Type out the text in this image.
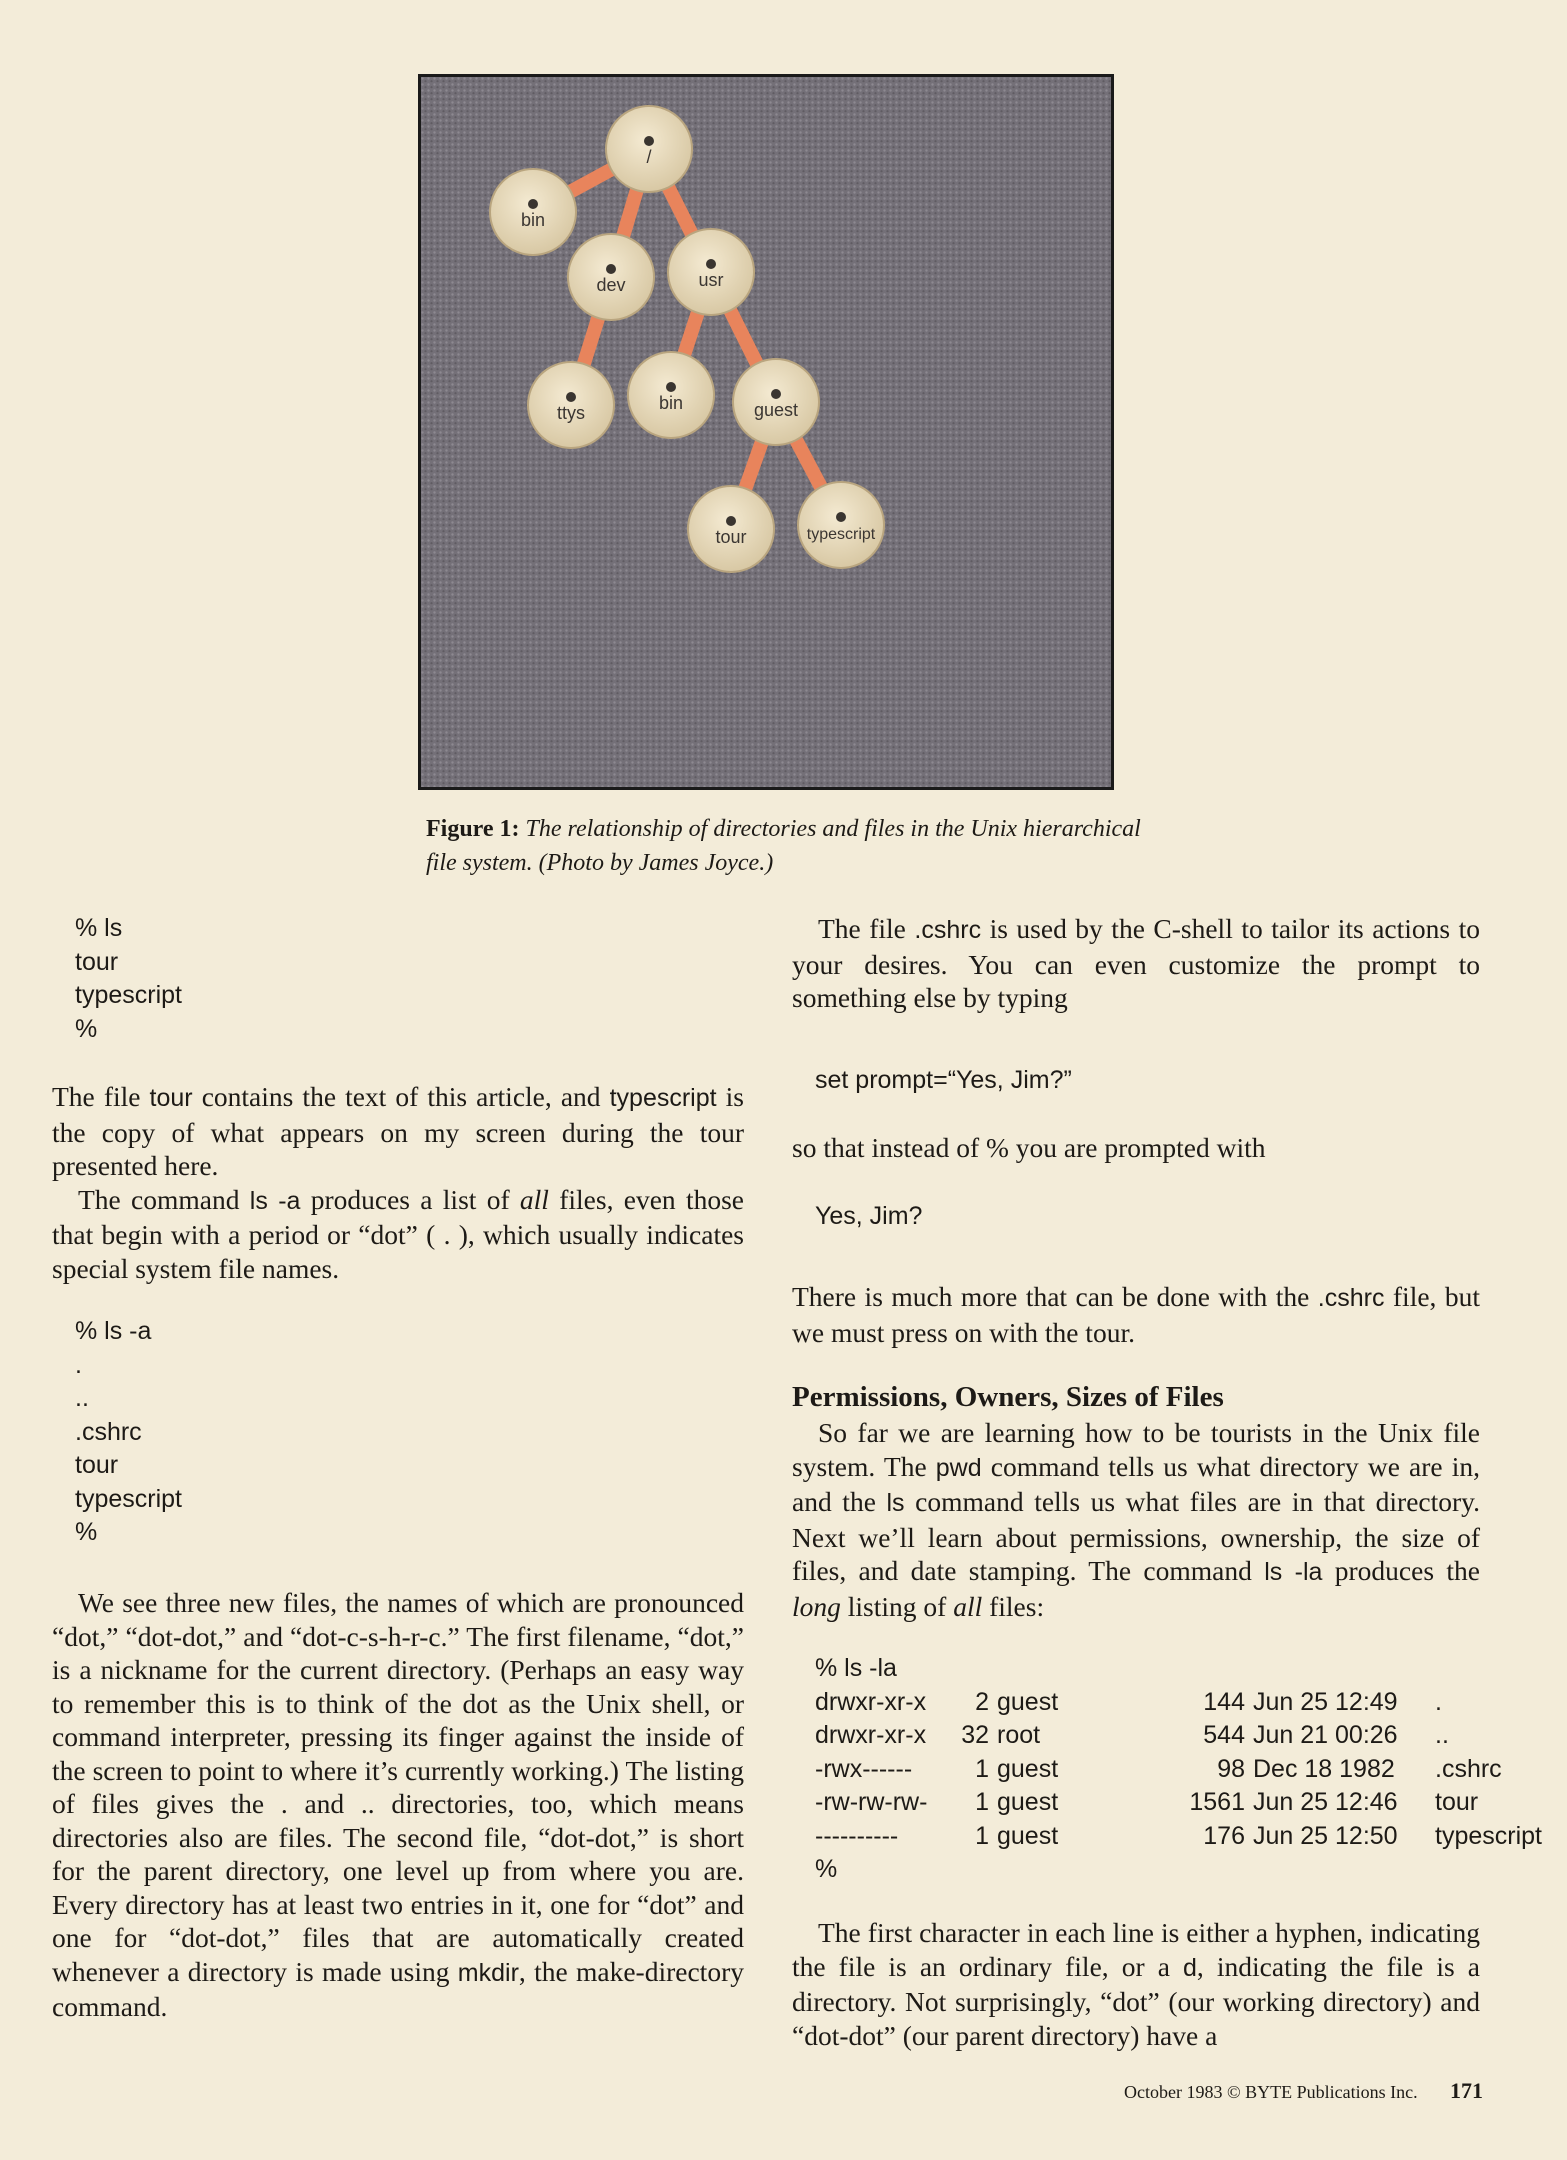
/
bin
dev	usr
ttys	bin	guest
tour	typescript
Figure 1: The relationship of directories and files in the Unix hierarchical file system. (Photo by James Joyce.)
% ls
tour
typescript
%

The file tour contains the text of this article, and typescript is the copy of what appears on my screen during the tour presented here.

The command ls -a produces a list of all files, even those that begin with a period or “dot” ( . ), which usually indicates special system file names.

% ls -a
.
..
.cshrc
tour
typescript
%

We see three new files, the names of which are pronounced “dot,” “dot-dot,” and “dot-c-s-h-r-c.” The first filename, “dot,” is a nickname for the current directory. (Perhaps an easy way to remember this is to think of the dot as the Unix shell, or command interpreter, pressing its finger against the inside of the screen to point to where it’s currently working.) The listing of files gives the . and .. directories, too, which means directories also are files. The second file, “dot-dot,” is short for the parent directory, one level up from where you are. Every directory has at least two entries in it, one for “dot” and one for “dot-dot,” files that are automatically created whenever a directory is made using mkdir, the make-directory command.

The file .cshrc is used by the C-shell to tailor its actions to your desires. You can even customize the prompt to something else by typing

set prompt=“Yes, Jim?”

so that instead of % you are prompted with

Yes, Jim?

There is much more that can be done with the .cshrc file, but we must press on with the tour.

Permissions, Owners, Sizes of Files

So far we are learning how to be tourists in the Unix file system. The pwd command tells us what directory we are in, and the ls command tells us what files are in that directory. Next we’ll learn about permissions, ownership, the size of files, and date stamping. The command ls -la produces the long listing of all files:

% ls -la
drwxr-xr-x	2	guest	144	Jun 25 12:49	.
drwxr-xr-x	32	root	544	Jun 21 00:26	..
-rwx------	1	guest	98	Dec 18 1982	.cshrc
-rw-rw-rw-	1	guest	1561	Jun 25 12:46	tour
----------	1	guest	176	Jun 25 12:50	typescript
%

The first character in each line is either a hyphen, indicating the file is an ordinary file, or a d, indicating the file is a directory. Not surprisingly, “dot” (our working directory) and “dot-dot” (our parent directory) have a

October 1983 © BYTE Publications Inc. 171
